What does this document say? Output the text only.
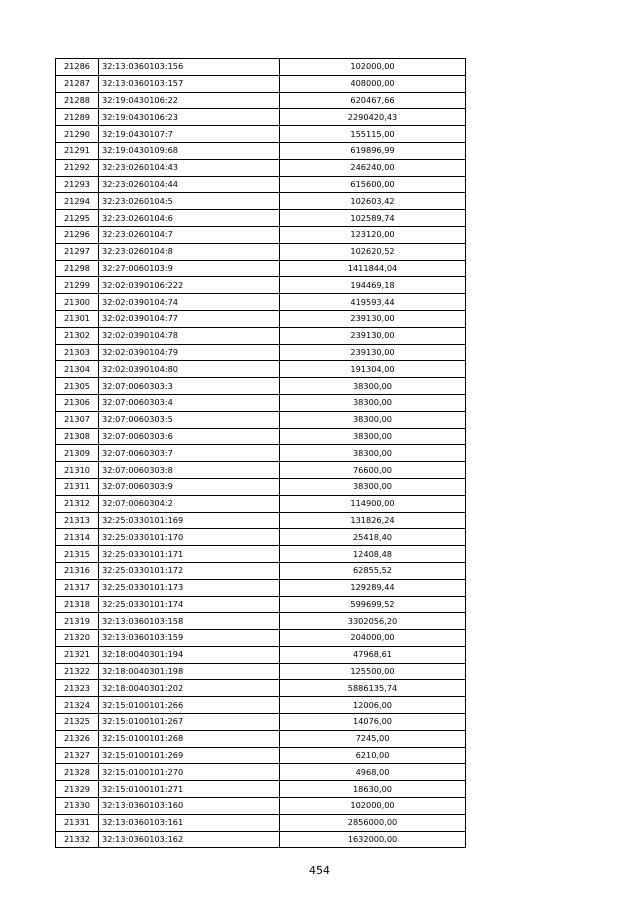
21286	32:13:0360103:156	102000,00
21287	32:13:0360103:157	408000,00
21288	32:19:0430106:22	620467,66
21289	32:19:0430106:23	2290420,43
21290	32:19:0430107:7	155115,00
21291	32:19:0430109:68	619896,99
21292	32:23:0260104:43	246240,00
21293	32:23:0260104:44	615600,00
21294	32:23:0260104:5	102603,42
21295	32:23:0260104:6	102589,74
21296	32:23:0260104:7	123120,00
21297	32:23:0260104:8	102620,52
21298	32:27:0060103:9	1411844,04
21299	32:02:0390106:222	194469,18
21300	32:02:0390104:74	419593,44
21301	32:02:0390104:77	239130,00
21302	32:02:0390104:78	239130,00
21303	32:02:0390104:79	239130,00
21304	32:02:0390104:80	191304,00
21305	32:07:0060303:3	38300,00
21306	32:07:0060303:4	38300,00
21307	32:07:0060303:5	38300,00
21308	32:07:0060303:6	38300,00
21309	32:07:0060303:7	38300,00
21310	32:07:0060303:8	76600,00
21311	32:07:0060303:9	38300,00
21312	32:07:0060304:2	114900,00
21313	32:25:0330101:169	131826,24
21314	32:25:0330101:170	25418,40
21315	32:25:0330101:171	12408,48
21316	32:25:0330101:172	62855,52
21317	32:25:0330101:173	129289,44
21318	32:25:0330101:174	599699,52
21319	32:13:0360103:158	3302056,20
21320	32:13:0360103:159	204000,00
21321	32:18:0040301:194	47968,61
21322	32:18:0040301:198	125500,00
21323	32:18:0040301:202	5886135,74
21324	32:15:0100101:266	12006,00
21325	32:15:0100101:267	14076,00
21326	32:15:0100101:268	7245,00
21327	32:15:0100101:269	6210,00
21328	32:15:0100101:270	4968,00
21329	32:15:0100101:271	18630,00
21330	32:13:0360103:160	102000,00
21331	32:13:0360103:161	2856000,00
21332	32:13:0360103:162	1632000,00
454
